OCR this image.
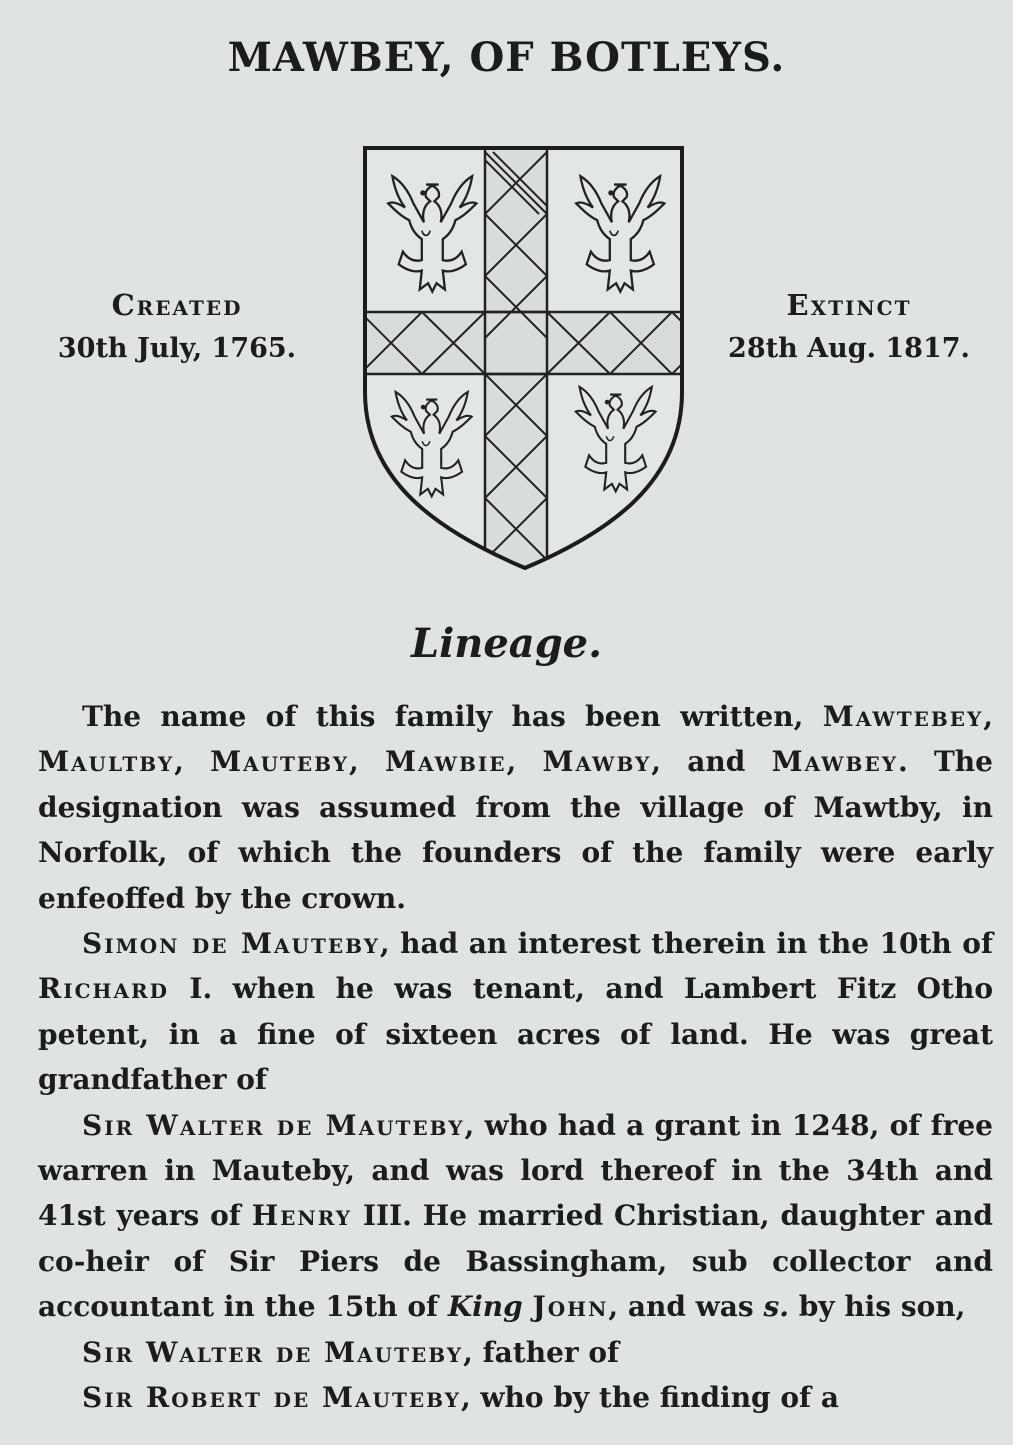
MAWBEY, OF BOTLEYS.
Created
30th July, 1765.
Extinct
28th Aug. 1817.
Lineage.

The name of this family has been written, Mawtebey, Maultby, Mauteby, Mawbie, Mawby, and Mawbey. The designation was assumed from the village of Mawtby, in Norfolk, of which the founders of the family were early enfeoffed by the crown.

Simon de Mauteby, had an interest therein in the 10th of Richard I. when he was tenant, and Lambert Fitz Otho petent, in a fine of sixteen acres of land. He was great grandfather of

Sir Walter de Mauteby, who had a grant in 1248, of free warren in Mauteby, and was lord thereof in the 34th and 41st years of Henry III. He married Christian, daughter and co-heir of Sir Piers de Bassingham, sub collector and accountant in the 15th of King John, and was s. by his son,

Sir Walter de Mauteby, father of

Sir Robert de Mauteby, who by the finding of a
